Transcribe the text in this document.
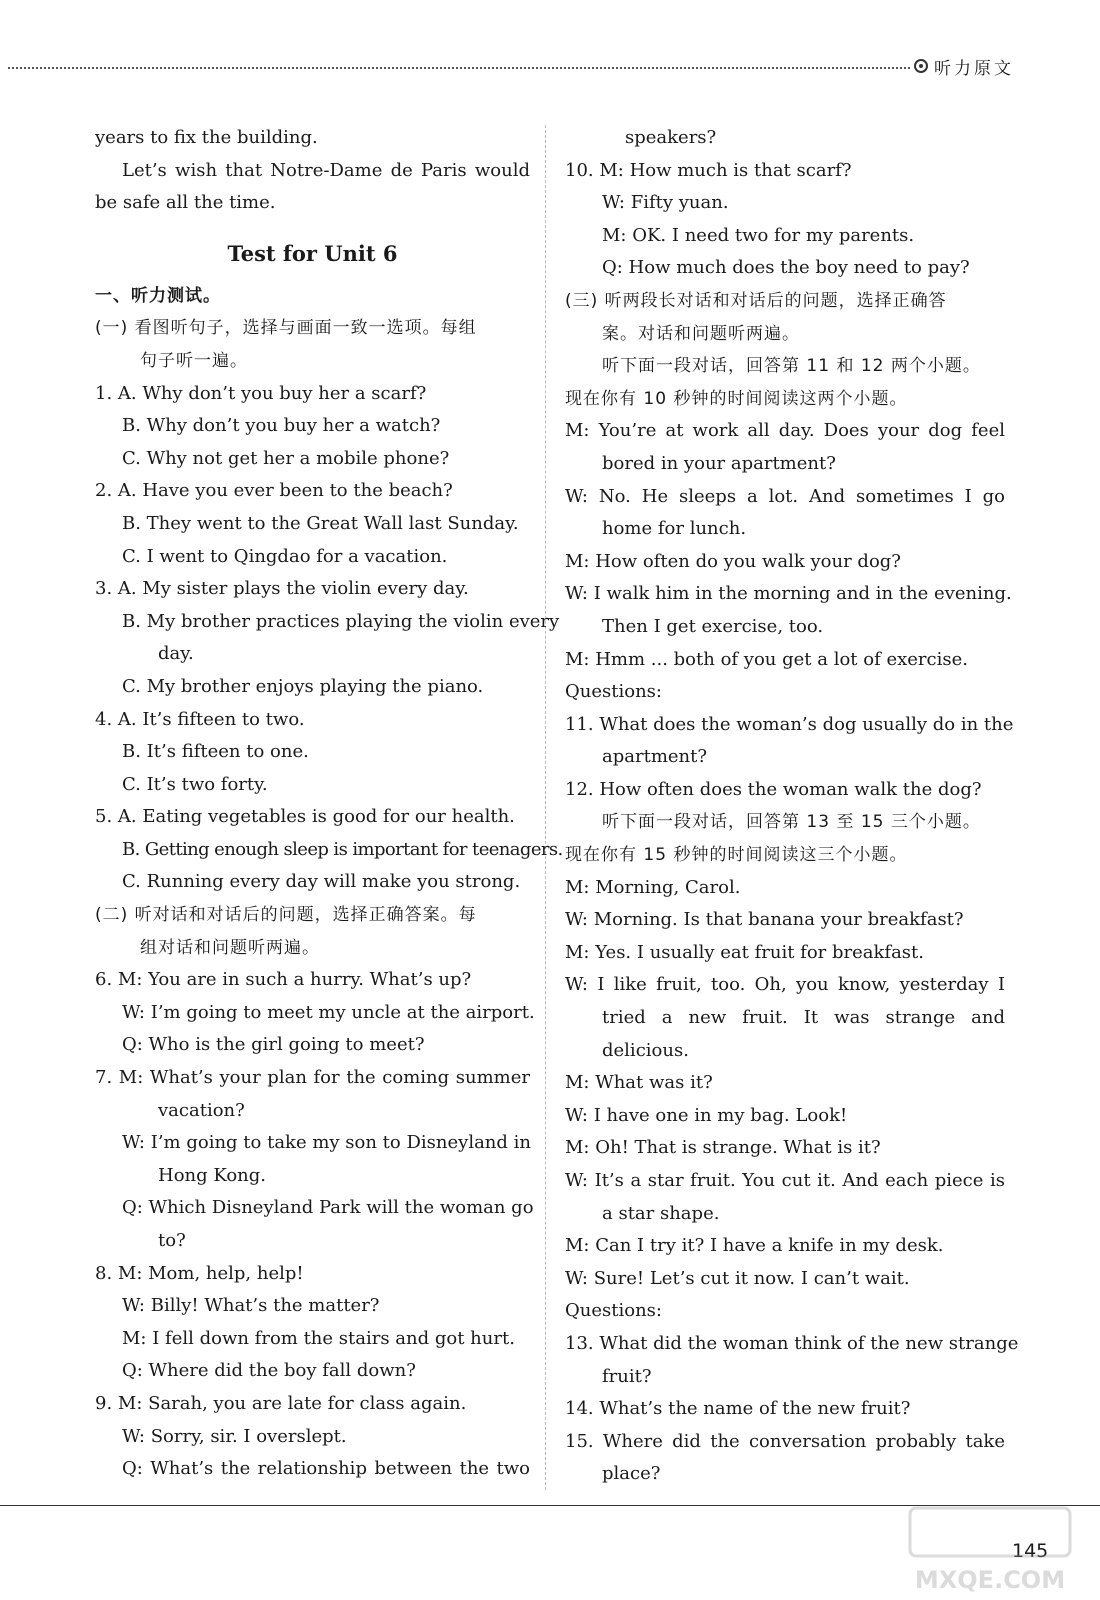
听力原文
years to fix the building.
Let’s wish that Notre-Dame de Paris would
be safe all the time.
Test for Unit 6
一、听力测试。
(一) 看图听句子，选择与画面一致一选项。每组
句子听一遍。
1. A. Why don’t you buy her a scarf?
B. Why don’t you buy her a watch?
C. Why not get her a mobile phone?
2. A. Have you ever been to the beach?
B. They went to the Great Wall last Sunday.
C. I went to Qingdao for a vacation.
3. A. My sister plays the violin every day.
B. My brother practices playing the violin every
day.
C. My brother enjoys playing the piano.
4. A. It’s fifteen to two.
B. It’s fifteen to one.
C. It’s two forty.
5. A. Eating vegetables is good for our health.
B. Getting enough sleep is important for teenagers.
C. Running every day will make you strong.
(二) 听对话和对话后的问题，选择正确答案。每
组对话和问题听两遍。
6. M: You are in such a hurry. What’s up?
W: I’m going to meet my uncle at the airport.
Q: Who is the girl going to meet?
7. M: What’s your plan for the coming summer
vacation?
W: I’m going to take my son to Disneyland in
Hong Kong.
Q: Which Disneyland Park will the woman go
to?
8. M: Mom, help, help!
W: Billy! What’s the matter?
M: I fell down from the stairs and got hurt.
Q: Where did the boy fall down?
9. M: Sarah, you are late for class again.
W: Sorry, sir. I overslept.
Q: What’s the relationship between the two
speakers?
10. M: How much is that scarf?
W: Fifty yuan.
M: OK. I need two for my parents.
Q: How much does the boy need to pay?
(三) 听两段长对话和对话后的问题，选择正确答
案。对话和问题听两遍。
听下面一段对话，回答第 11 和 12 两个小题。
现在你有 10 秒钟的时间阅读这两个小题。
M: You’re at work all day. Does your dog feel
bored in your apartment?
W: No. He sleeps a lot. And sometimes I go
home for lunch.
M: How often do you walk your dog?
W: I walk him in the morning and in the evening.
Then I get exercise, too.
M: Hmm ... both of you get a lot of exercise.
Questions:
11. What does the woman’s dog usually do in the
apartment?
12. How often does the woman walk the dog?
听下面一段对话，回答第 13 至 15 三个小题。
现在你有 15 秒钟的时间阅读这三个小题。
M: Morning, Carol.
W: Morning. Is that banana your breakfast?
M: Yes. I usually eat fruit for breakfast.
W: I like fruit, too. Oh, you know, yesterday I
tried a new fruit. It was strange and
delicious.
M: What was it?
W: I have one in my bag. Look!
M: Oh! That is strange. What is it?
W: It’s a star fruit. You cut it. And each piece is
a star shape.
M: Can I try it? I have a knife in my desk.
W: Sure! Let’s cut it now. I can’t wait.
Questions:
13. What did the woman think of the new strange
fruit?
14. What’s the name of the new fruit?
15. Where did the conversation probably take
place?
145
MXQE.COM
